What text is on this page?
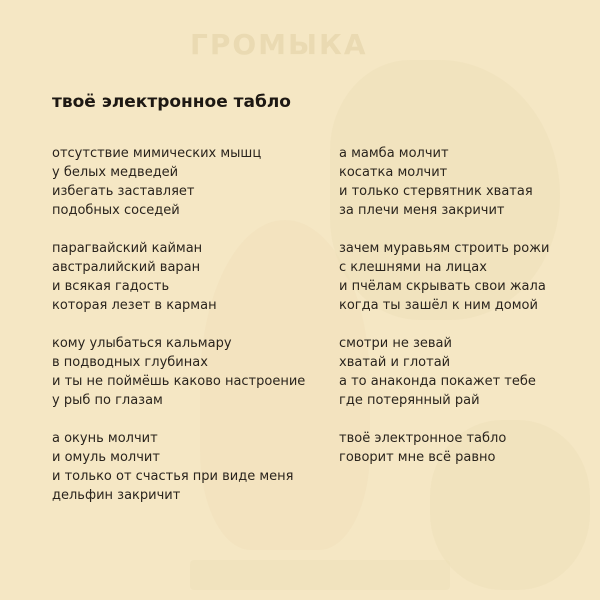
ГРОМЫКА
твоё электронное табло
отсутствие мимических мышц
у белых медведей
избегать заставляет
подобных соседей
парагвайский кайман
австралийский варан
и всякая гадость
которая лезет в карман
кому улыбаться кальмару
в подводных глубинах
и ты не поймёшь каково настроение
у рыб по глазам
а окунь молчит
и омуль молчит
и только от счастья при виде меня
дельфин закричит
а мамба молчит
косатка молчит
и только стервятник хватая
за плечи меня закричит
зачем муравьям строить рожи
с клешнями на лицах
и пчёлам скрывать свои жала
когда ты зашёл к ним домой
смотри не зевай
хватай и глотай
а то анаконда покажет тебе
где потерянный рай
твоё электронное табло
говорит мне всё равно
